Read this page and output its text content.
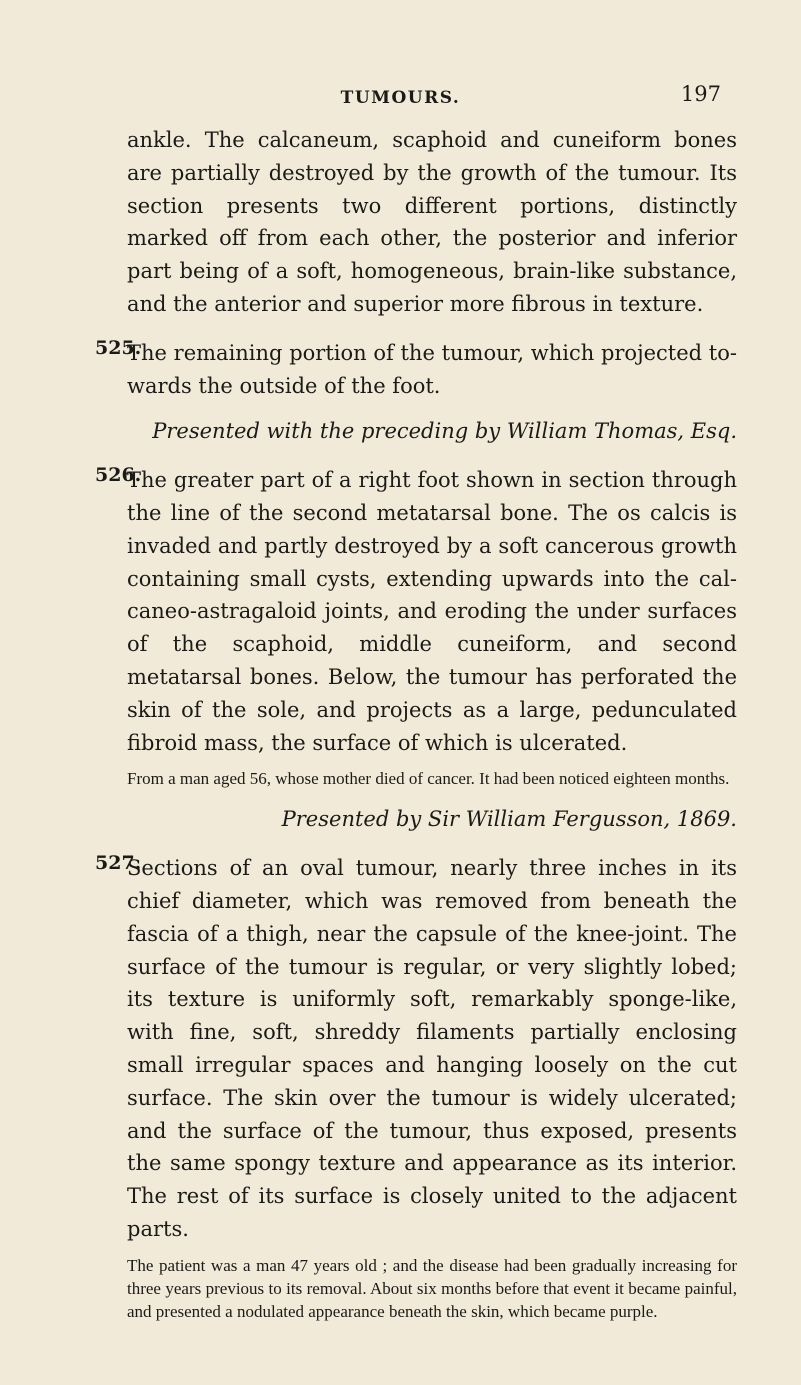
TUMOURS.	197

ankle. The calcaneum, scaphoid and cuneiform bones are partially destroyed by the growth of the tumour. Its section presents two different portions, distinctly marked off from each other, the posterior and inferior part being of a soft, homogeneous, brain-like substance, and the anterior and superior more fibrous in texture.

525.

The remaining portion of the tumour, which projected towards the outside of the foot.

Presented with the preceding by William Thomas, Esq.

526.

The greater part of a right foot shown in section through the line of the second metatarsal bone. The os calcis is invaded and partly destroyed by a soft cancerous growth containing small cysts, extending upwards into the calcaneo-astragaloid joints, and eroding the under surfaces of the scaphoid, middle cuneiform, and second metatarsal bones. Below, the tumour has perforated the skin of the sole, and projects as a large, pedunculated fibroid mass, the surface of which is ulcerated.

From a man aged 56, whose mother died of cancer. It had been noticed eighteen months.

Presented by Sir William Fergusson, 1869.

527.

Sections of an oval tumour, nearly three inches in its chief diameter, which was removed from beneath the fascia of a thigh, near the capsule of the knee-joint. The surface of the tumour is regular, or very slightly lobed; its texture is uniformly soft, remarkably sponge-like, with fine, soft, shreddy filaments partially enclosing small irregular spaces and hanging loosely on the cut surface. The skin over the tumour is widely ulcerated; and the surface of the tumour, thus exposed, presents the same spongy texture and appearance as its interior. The rest of its surface is closely united to the adjacent parts.

The patient was a man 47 years old ; and the disease had been gradually increasing for three years previous to its removal. About six months before that event it became painful, and presented a nodulated appearance beneath the skin, which became purple.
